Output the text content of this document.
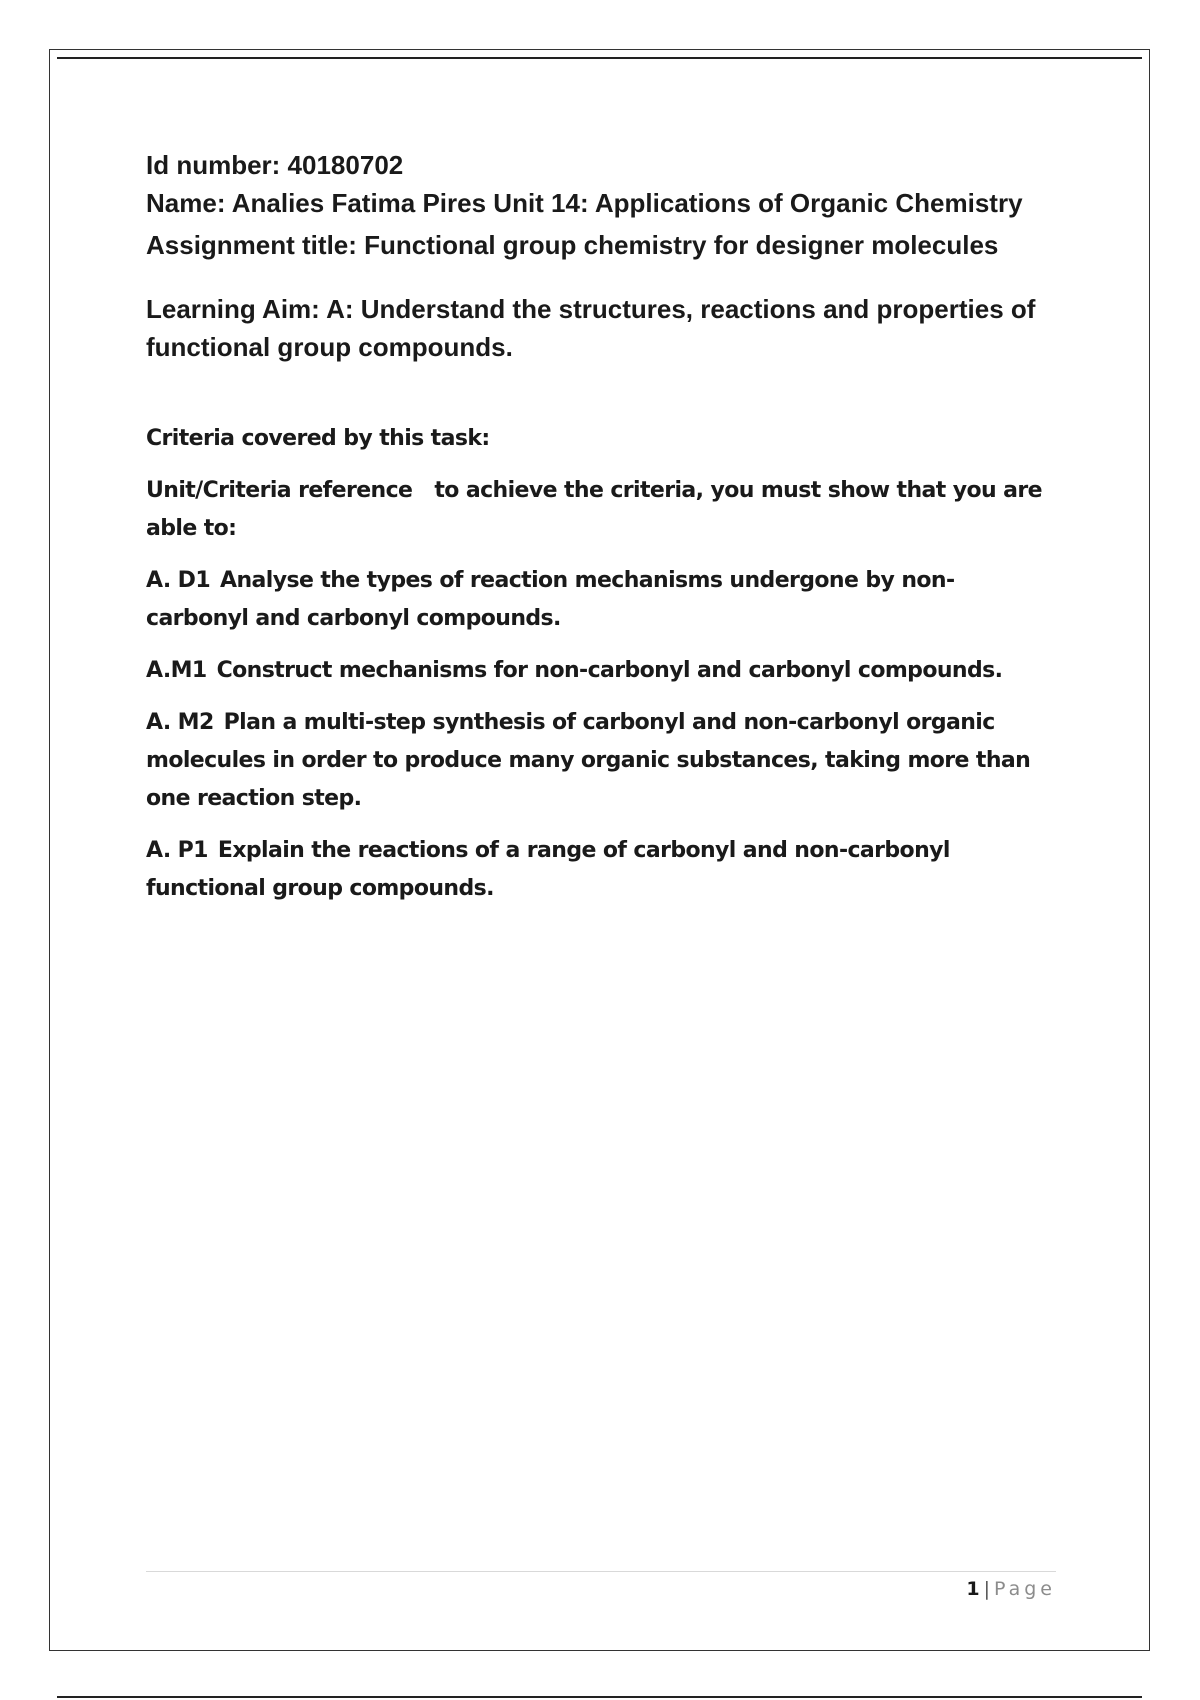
Id number: 40180702

Name: Analies Fatima Pires Unit 14: Applications of Organic Chemistry

Assignment title: Functional group chemistry for designer molecules

Learning Aim: A: Understand the structures, reactions and properties of functional group compounds.

Criteria covered by this task:

Unit/Criteria reference to achieve the criteria, you must show that you are able to:

A. D1 Analyse the types of reaction mechanisms undergone by non-carbonyl and carbonyl compounds.

A.M1 Construct mechanisms for non-carbonyl and carbonyl compounds.

A. M2 Plan a multi-step synthesis of carbonyl and non-carbonyl organic molecules in order to produce many organic substances, taking more than one reaction step.

A. P1 Explain the reactions of a range of carbonyl and non-carbonyl functional group compounds.

1 | Page
